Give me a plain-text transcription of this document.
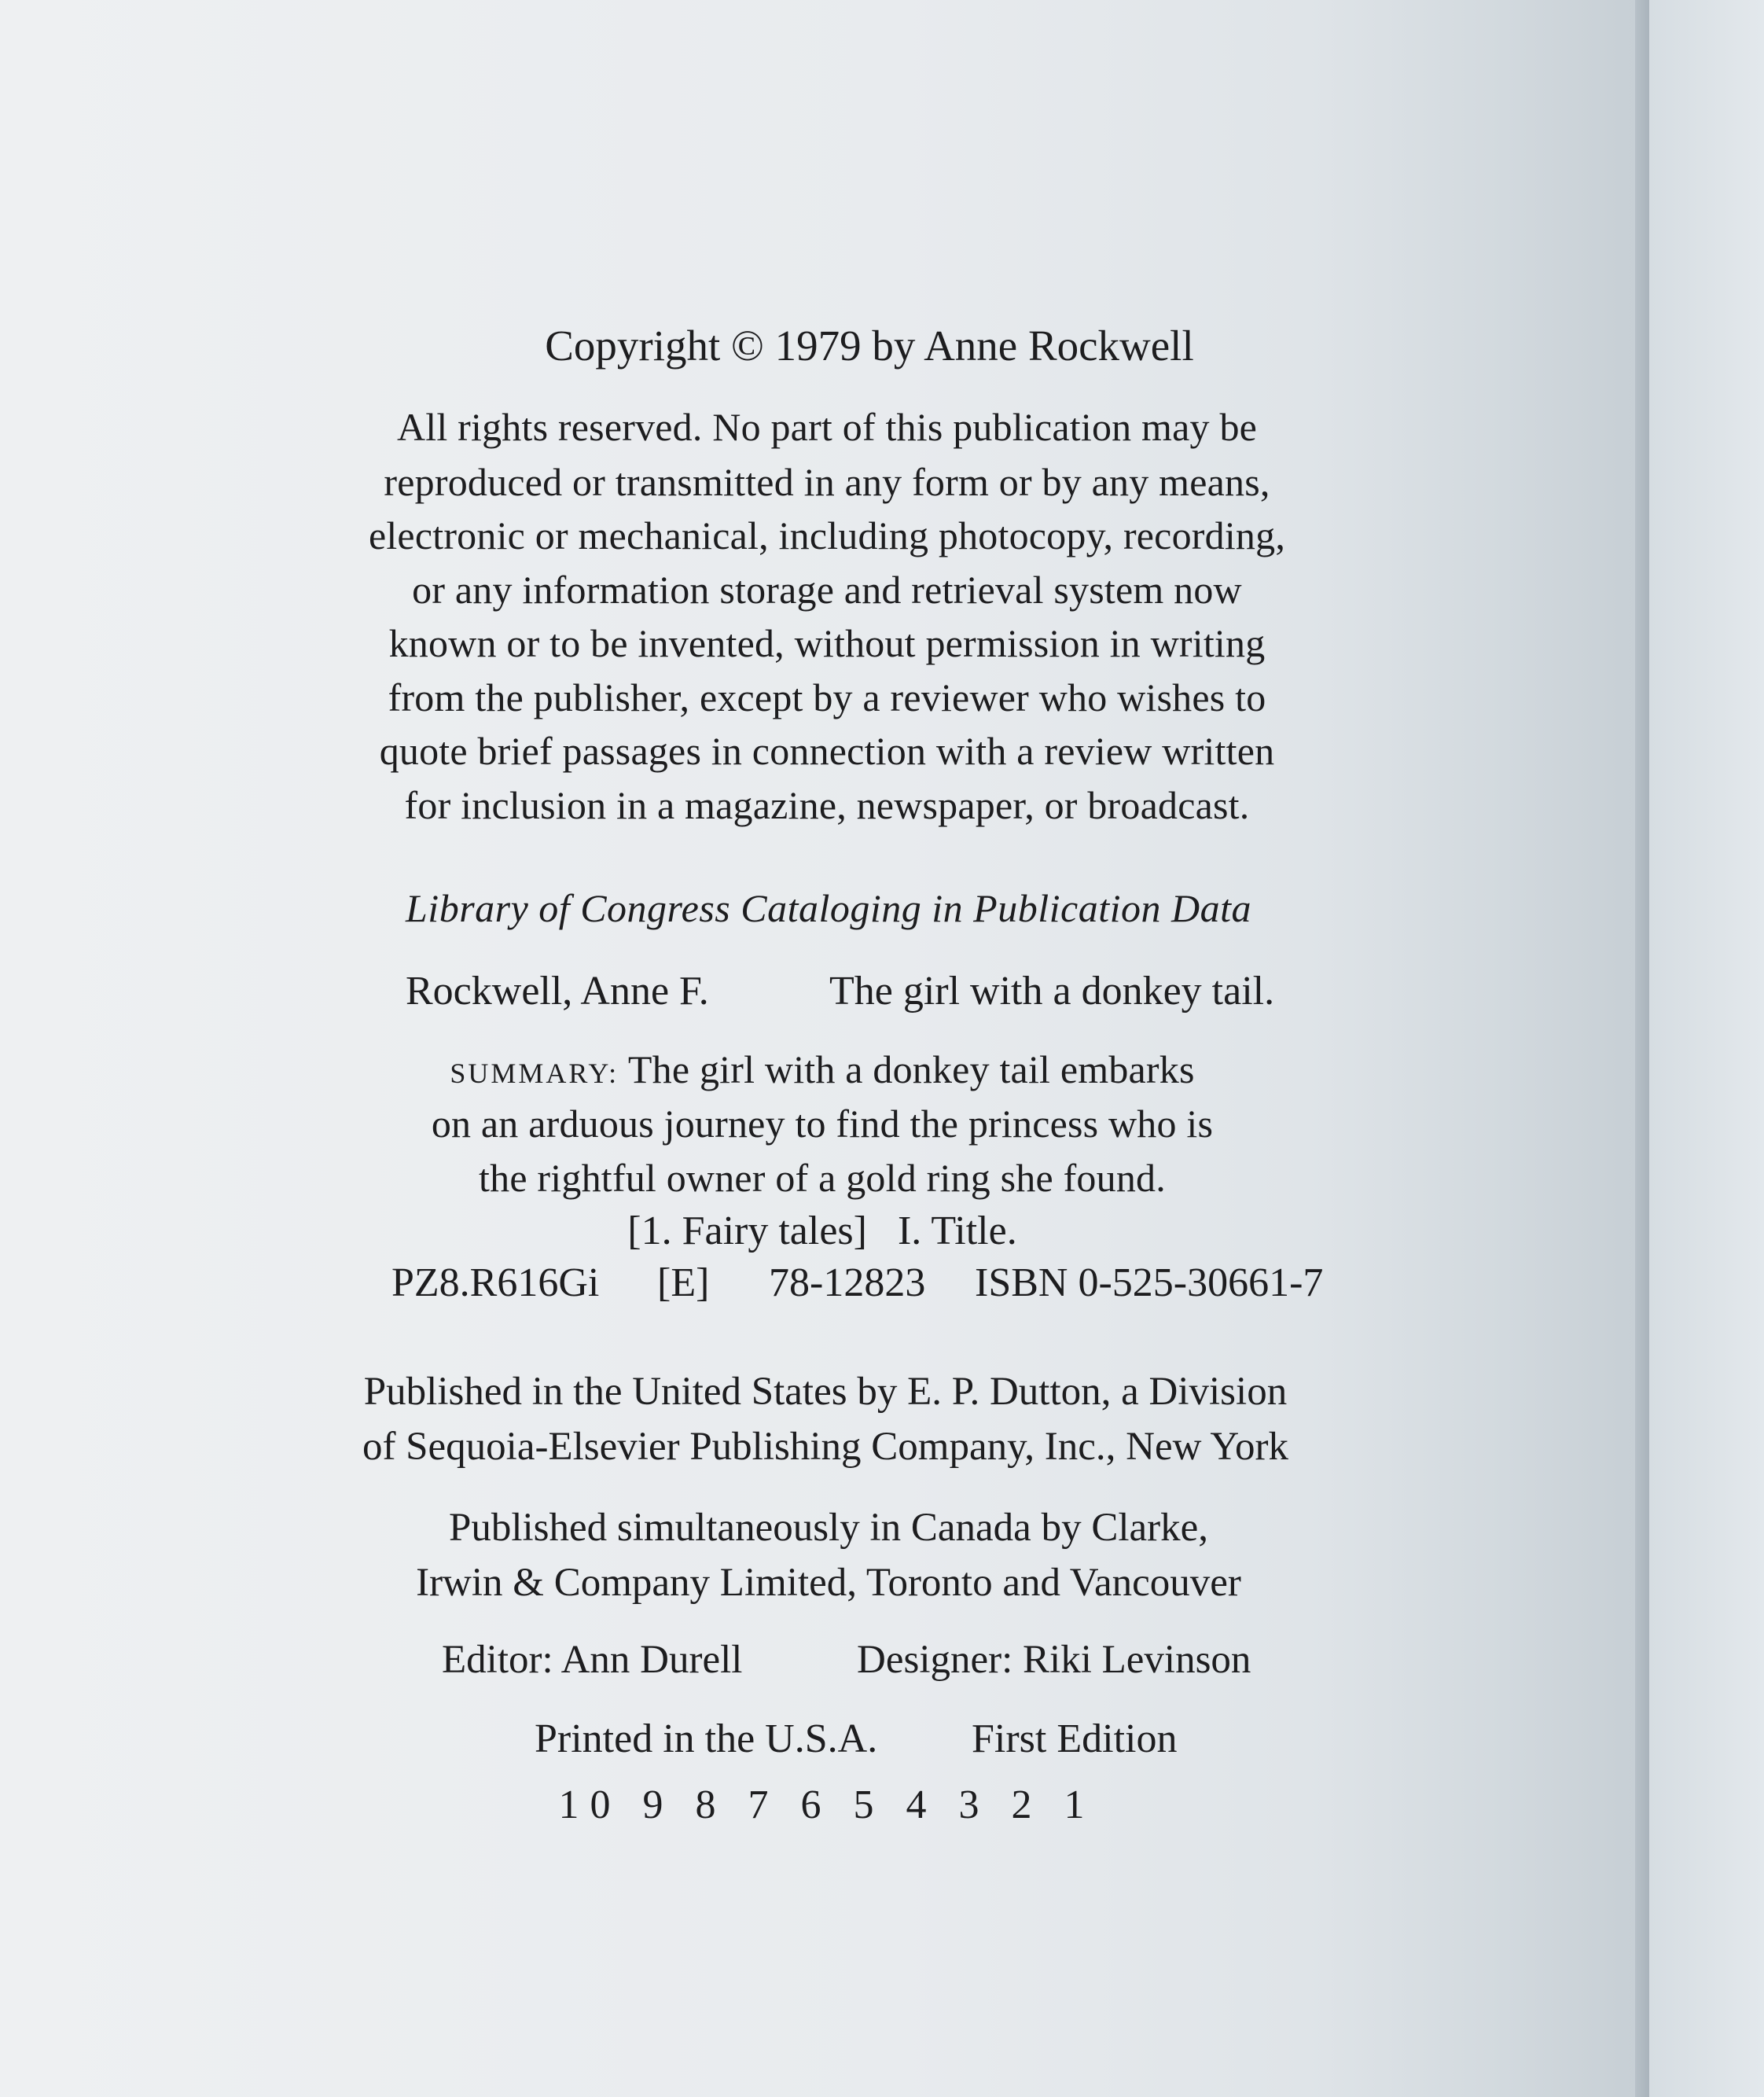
Copyright © 1979 by Anne Rockwell
All rights reserved. No part of this publication may be
reproduced or transmitted in any form or by any means,
electronic or mechanical, including photocopy, recording,
or any information storage and retrieval system now
known or to be invented, without permission in writing
from the publisher, except by a reviewer who wishes to
quote brief passages in connection with a review written
for inclusion in a magazine, newspaper, or broadcast.
Library of Congress Cataloging in Publication Data
Rockwell, Anne F.	The girl with a donkey tail.
SUMMARY: The girl with a donkey tail embarks
on an arduous journey to find the princess who is
the rightful owner of a gold ring she found.
[1. Fairy tales]   I. Title.
PZ8.R616Gi [E] 78-12823 ISBN 0-525-30661-7
Published in the United States by E. P. Dutton, a Division
of Sequoia-Elsevier Publishing Company, Inc., New York
Published simultaneously in Canada by Clarke,
Irwin & Company Limited, Toronto and Vancouver
Editor: Ann Durell	Designer: Riki Levinson
Printed in the U.S.A. First Edition
10 9 8 7 6 5 4 3 2 1
